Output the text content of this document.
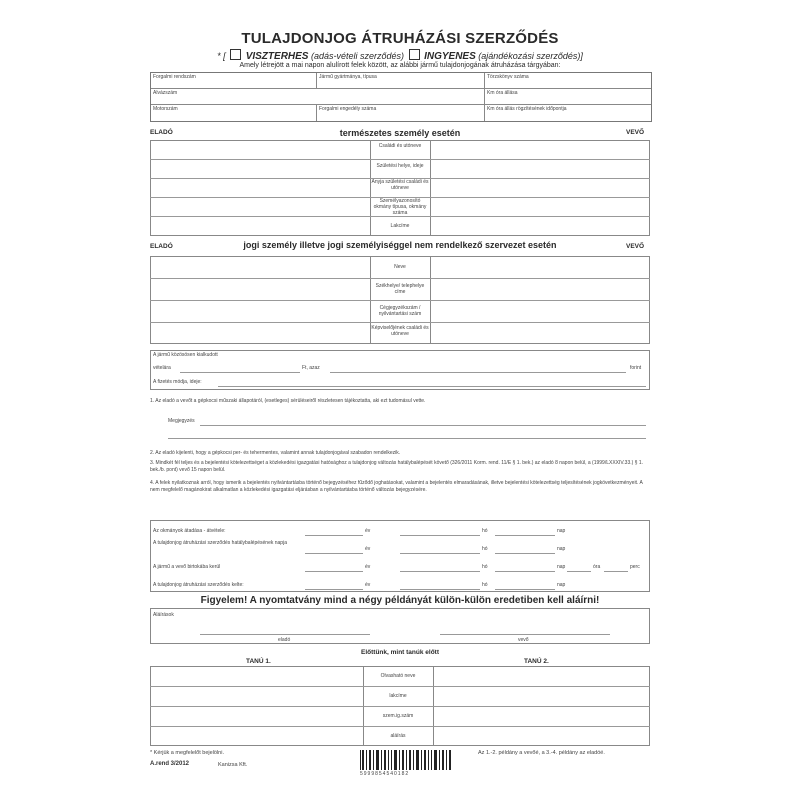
TULAJDONJOG ÁTRUHÁZÁSI SZERZŐDÉS
* [ VISZTERHES (adás-vételi szerződés) INGYENES (ajándékozási szerződés)]
Amely létrejött a mai napon alulírott felek között, az alábbi jármű tulajdonjogának átruházása tárgyában:
Forgalmi rendszám	Jármű gyártmánya, típusa	Törzskönyv száma
Alvázszám	Km óra állása
Motorszám	Forgalmi engedély száma	Km óra állás rögzítésének időpontja
ELADÓ	VEVŐ
természetes személy esetén
Családi és utóneve
Születési helye, ideje
Anyja születési családi és utóneve
Személyazonosító okmány típusa, okmány száma
Lakcíme
ELADÓ	VEVŐ
jogi személy illetve jogi személyiséggel nem rendelkező szervezet esetén
Neve
Székhelye/ telephelye címe
Cégjegyzékszám / nyilvántartási szám
Képviselőjének családi és utóneve
A jármű közösösen kialkudott
vételára	Ft, azaz	forint
A fizetés módja, ideje:
1. Az eladó a vevőt a gépkocsi műszaki állapotáról, (esetleges) sérüléseiről részletesen tájékoztatta, aki ezt tudomásul vette.
Megjegyzés
2. Az eladó kijelenti, hogy a gépkocsi per- és tehermentes, valamint annak tulajdonjogával szabadon rendelkezik.
3. Mindkét fél teljes és a bejelentési kötelezettséget a közlekedési igazgatási hatósághoz a tulajdonjog változás hatálybalépését követő (326/2011 Korm. rend. 11/E § 1. bek.) az eladó 8 napon belül, a (1999/LXXXIV.33.) § 1. bek./b. pont) vevő 15 napon belül.
4. A felek nyilatkoznak arról, hogy ismerik a bejelentés nyilvántartásba történő bejegyzéséhez fűződő joghatásokat, valamint a bejelentés elmaradásának, illetve bejelentési kötelezettség teljesítésének jogkövetkezményeit. A nem megfelelő magánokirat alkalmatlan a közlekedési igazgatási eljárásban a nyilvántartásba történő változás bejegyzésére.
Az okmányok átadása - átvétele:	év	hó	nap
A tulajdonjog átruházási szerződés hatálybalépésének napja
év	hó	nap
A jármű a vevő birtokába kerül	év	hó	nap	óra	perc
A tulajdonjog átruházási szerződés kelte:	év	hó	nap
Figyelem! A nyomtatvány mind a négy példányát külön-külön eredetiben kell aláírni!
Aláírások
eladó	vevő
Előttünk, mint tanúk előtt
TANÚ 1.	TANÚ 2.
Olvasható neve
lakcíme
szem.ig.szám
aláírás
* Kérjük a megfelelőt bejelölni.
A.rend 3/2012	Kanizsa Kft.
5999854540182
Az 1.-2. példány a vevőé, a 3.-4. példány az eladóé.
